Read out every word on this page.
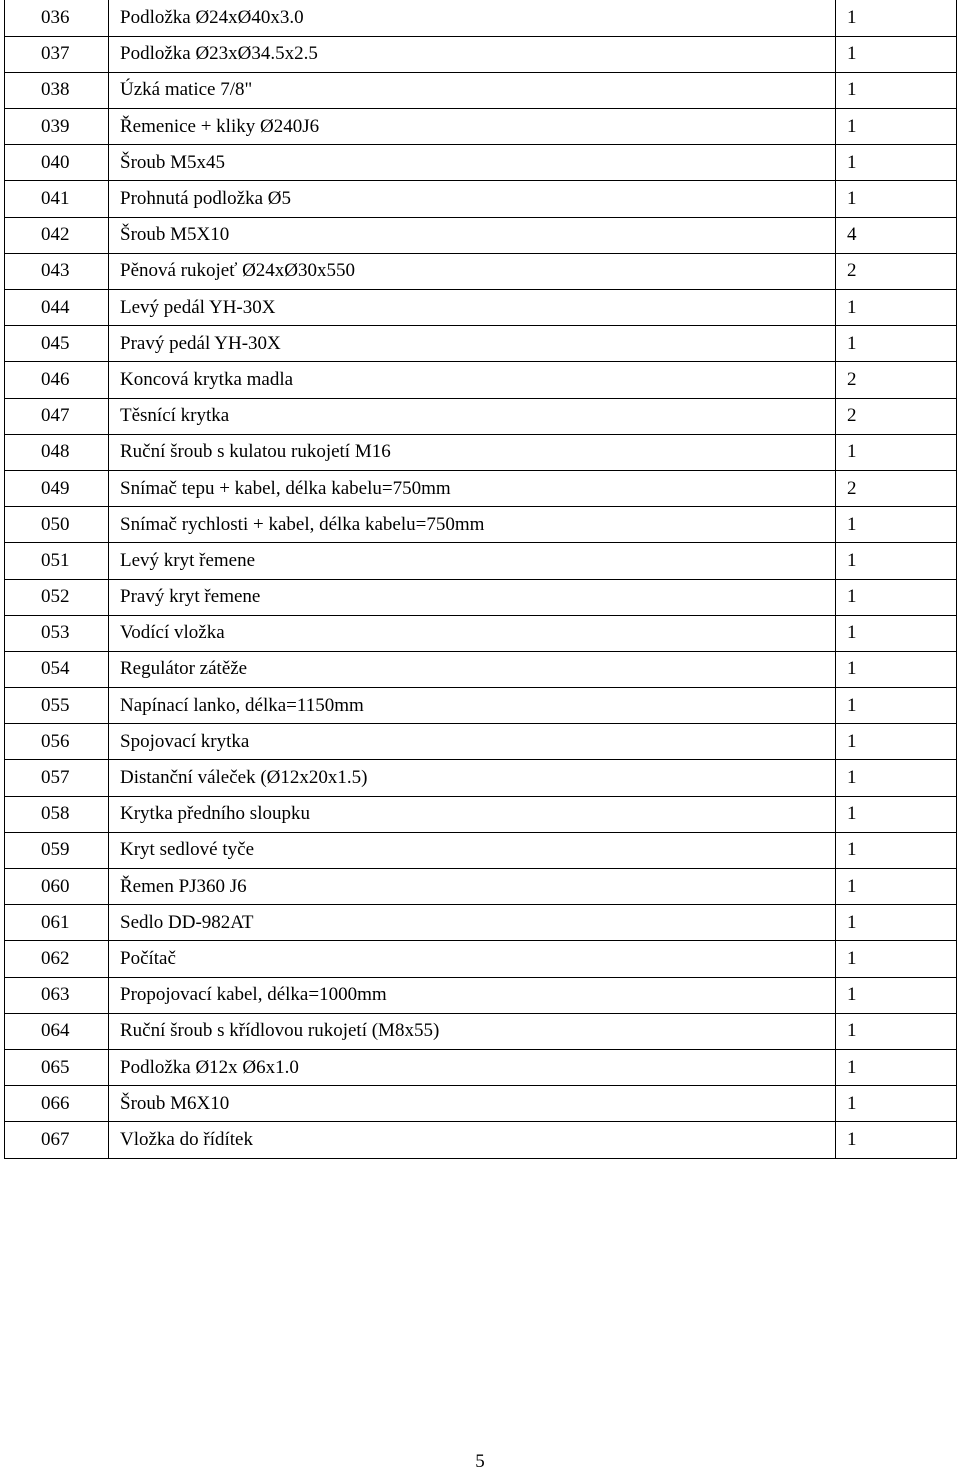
036	Podložka Ø24xØ40x3.0	1
037	Podložka Ø23xØ34.5x2.5	1
038	Úzká matice 7/8"	1
039	Řemenice + kliky Ø240J6	1
040	Šroub M5x45	1
041	Prohnutá podložka Ø5	1
042	Šroub M5X10	4
043	Pěnová rukojeť Ø24xØ30x550	2
044	Levý pedál YH-30X	1
045	Pravý pedál YH-30X	1
046	Koncová krytka madla	2
047	Těsnící krytka	2
048	Ruční šroub s kulatou rukojetí M16	1
049	Snímač tepu + kabel, délka kabelu=750mm	2
050	Snímač rychlosti + kabel, délka kabelu=750mm	1
051	Levý kryt řemene	1
052	Pravý kryt řemene	1
053	Vodící vložka	1
054	Regulátor zátěže	1
055	Napínací lanko, délka=1150mm	1
056	Spojovací krytka	1
057	Distanční váleček (Ø12x20x1.5)	1
058	Krytka předního sloupku	1
059	Kryt sedlové tyče	1
060	Řemen PJ360 J6	1
061	Sedlo DD-982AT	1
062	Počítač	1
063	Propojovací kabel, délka=1000mm	1
064	Ruční šroub s křídlovou rukojetí (M8x55)	1
065	Podložka Ø12x Ø6x1.0	1
066	Šroub M6X10	1
067	Vložka do řídítek	1
5
